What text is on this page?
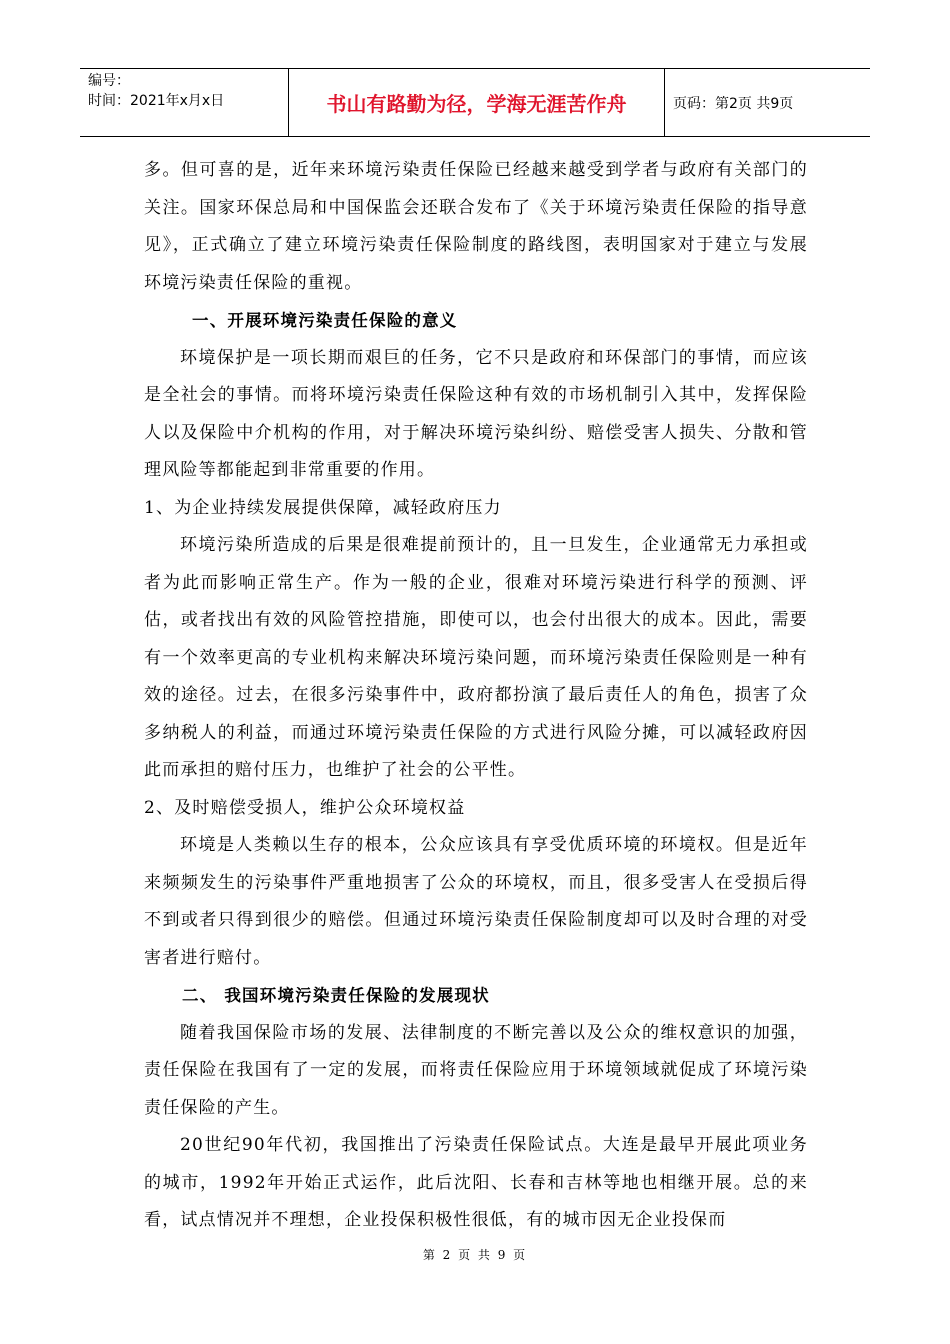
编号：
时间：2021年x月x日	书山有路勤为径，学海无涯苦作舟	页码：第2页 共9页

多。但可喜的是，近年来环境污染责任保险已经越来越受到学者与政府有关部门的关注。国家环保总局和中国保监会还联合发布了《关于环境污染责任保险的指导意见》，正式确立了建立环境污染责任保险制度的路线图，表明国家对于建立与发展环境污染责任保险的重视。

一、开展环境污染责任保险的意义

环境保护是一项长期而艰巨的任务，它不只是政府和环保部门的事情，而应该是全社会的事情。而将环境污染责任保险这种有效的市场机制引入其中，发挥保险人以及保险中介机构的作用，对于解决环境污染纠纷、赔偿受害人损失、分散和管理风险等都能起到非常重要的作用。

1、为企业持续发展提供保障，减轻政府压力

环境污染所造成的后果是很难提前预计的，且一旦发生，企业通常无力承担或者为此而影响正常生产。作为一般的企业，很难对环境污染进行科学的预测、评估，或者找出有效的风险管控措施，即使可以，也会付出很大的成本。因此，需要有一个效率更高的专业机构来解决环境污染问题，而环境污染责任保险则是一种有效的途径。过去，在很多污染事件中，政府都扮演了最后责任人的角色，损害了众多纳税人的利益，而通过环境污染责任保险的方式进行风险分摊，可以减轻政府因此而承担的赔付压力，也维护了社会的公平性。

2、及时赔偿受损人，维护公众环境权益

环境是人类赖以生存的根本，公众应该具有享受优质环境的环境权。但是近年来频频发生的污染事件严重地损害了公众的环境权，而且，很多受害人在受损后得不到或者只得到很少的赔偿。但通过环境污染责任保险制度却可以及时合理的对受害者进行赔付。

二、 我国环境污染责任保险的发展现状

随着我国保险市场的发展、法律制度的不断完善以及公众的维权意识的加强，责任保险在我国有了一定的发展，而将责任保险应用于环境领域就促成了环境污染责任保险的产生。

20世纪90年代初，我国推出了污染责任保险试点。大连是最早开展此项业务的城市，1992年开始正式运作，此后沈阳、长春和吉林等地也相继开展。总的来看，试点情况并不理想，企业投保积极性很低，有的城市因无企业投保而

第 2 页 共 9 页
